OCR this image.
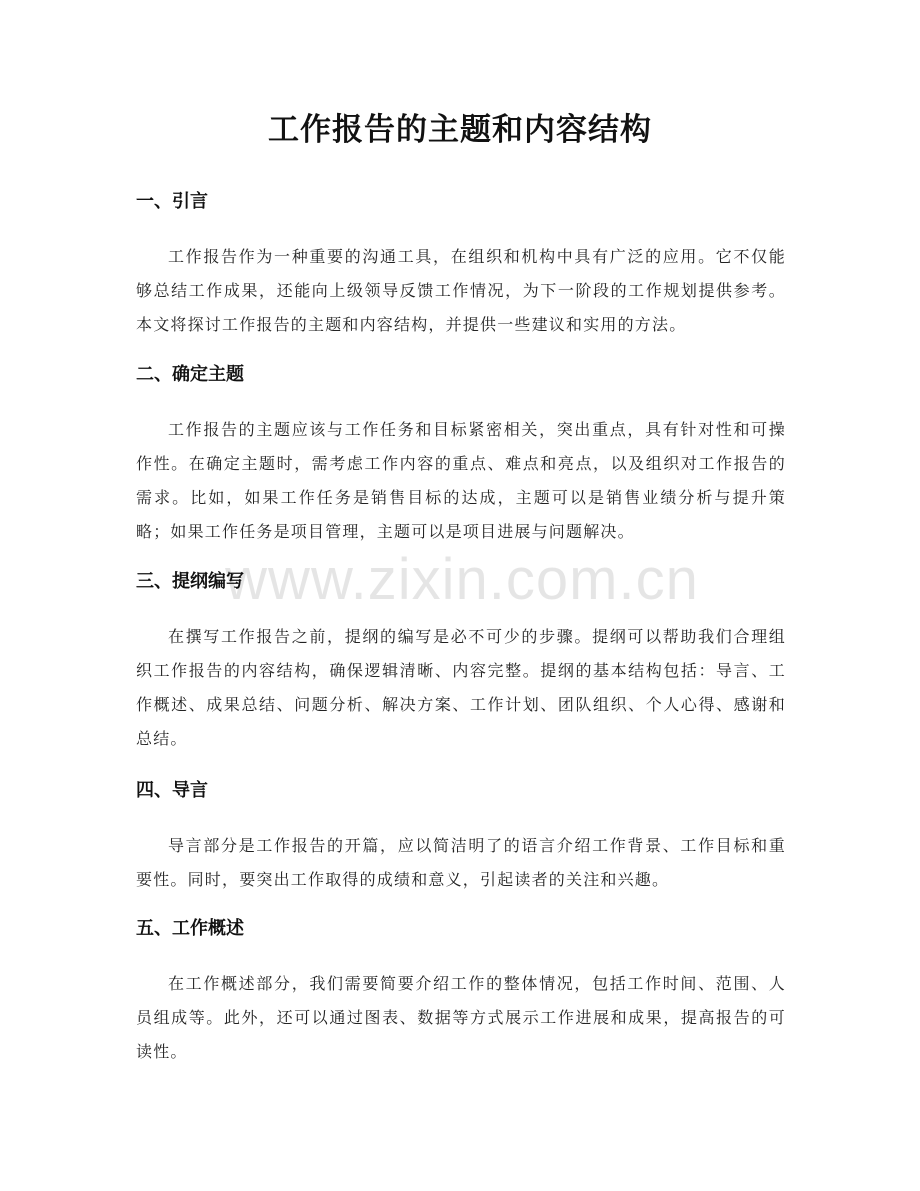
工作报告的主题和内容结构
一、引言

工作报告作为一种重要的沟通工具，在组织和机构中具有广泛的应用。它不仅能够总结工作成果，还能向上级领导反馈工作情况，为下一阶段的工作规划提供参考。本文将探讨工作报告的主题和内容结构，并提供一些建议和实用的方法。

二、确定主题

工作报告的主题应该与工作任务和目标紧密相关，突出重点，具有针对性和可操作性。在确定主题时，需考虑工作内容的重点、难点和亮点，以及组织对工作报告的需求。比如，如果工作任务是销售目标的达成，主题可以是销售业绩分析与提升策略；如果工作任务是项目管理，主题可以是项目进展与问题解决。

三、提纲编写

在撰写工作报告之前，提纲的编写是必不可少的步骤。提纲可以帮助我们合理组织工作报告的内容结构，确保逻辑清晰、内容完整。提纲的基本结构包括：导言、工作概述、成果总结、问题分析、解决方案、工作计划、团队组织、个人心得、感谢和总结。

四、导言

导言部分是工作报告的开篇，应以简洁明了的语言介绍工作背景、工作目标和重要性。同时，要突出工作取得的成绩和意义，引起读者的关注和兴趣。

五、工作概述

在工作概述部分，我们需要简要介绍工作的整体情况，包括工作时间、范围、人员组成等。此外，还可以通过图表、数据等方式展示工作进展和成果，提高报告的可读性。

www.zixin.com.cn
